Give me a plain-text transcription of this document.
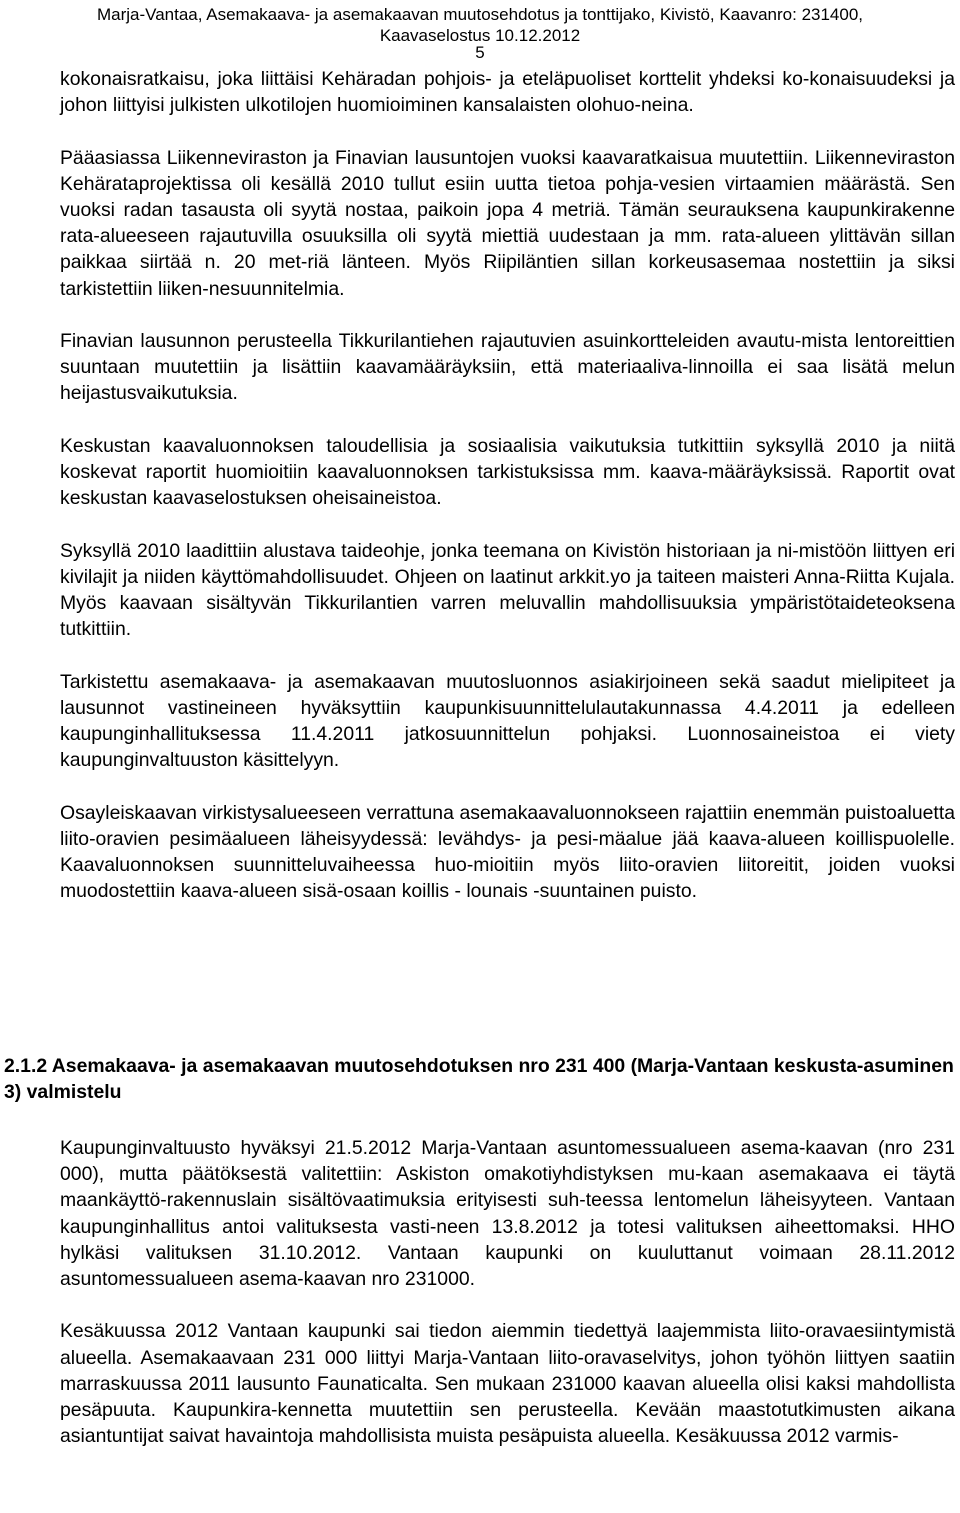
Marja-Vantaa, Asemakaava- ja asemakaavan muutosehdotus ja tonttijako, Kivistö, Kaavanro: 231400,
Kaavaselostus 10.12.2012
5

kokonaisratkaisu, joka liittäisi Kehäradan pohjois- ja eteläpuoliset korttelit yhdeksi ko-konaisuudeksi ja johon liittyisi julkisten ulkotilojen huomioiminen kansalaisten olohuo-neina.

Pääasiassa Liikenneviraston ja Finavian lausuntojen vuoksi kaavaratkaisua muutettiin. Liikenneviraston Kehärataprojektissa oli kesällä 2010 tullut esiin uutta tietoa pohja-vesien virtaamien määrästä. Sen vuoksi radan tasausta oli syytä nostaa, paikoin jopa 4 metriä. Tämän seurauksena kaupunkirakenne rata-alueeseen rajautuvilla osuuksilla oli syytä miettiä uudestaan ja mm. rata-alueen ylittävän sillan paikkaa siirtää n. 20 met-riä länteen. Myös Riipiläntien sillan korkeusasemaa nostettiin ja siksi tarkistettiin liiken-nesuunnitelmia.

Finavian lausunnon perusteella Tikkurilantiehen rajautuvien asuinkortteleiden avautu-mista lentoreittien suuntaan muutettiin ja lisättiin kaavamääräyksiin, että materiaaliva-linnoilla ei saa lisätä melun heijastusvaikutuksia.

Keskustan kaavaluonnoksen taloudellisia ja sosiaalisia vaikutuksia tutkittiin syksyllä 2010 ja niitä koskevat raportit huomioitiin kaavaluonnoksen tarkistuksissa mm. kaava-määräyksissä. Raportit ovat keskustan kaavaselostuksen oheisaineistoa.

Syksyllä 2010 laadittiin alustava taideohje, jonka teemana on Kivistön historiaan ja ni-mistöön liittyen eri kivilajit ja niiden käyttömahdollisuudet. Ohjeen on laatinut arkkit.yo ja taiteen maisteri Anna-Riitta Kujala. Myös kaavaan sisältyvän Tikkurilantien varren meluvallin mahdollisuuksia ympäristötaideteoksena tutkittiin.

Tarkistettu asemakaava- ja asemakaavan muutosluonnos asiakirjoineen sekä saadut mielipiteet ja lausunnot vastineineen hyväksyttiin kaupunkisuunnittelulautakunnassa 4.4.2011 ja edelleen kaupunginhallituksessa 11.4.2011 jatkosuunnittelun pohjaksi. Luonnosaineistoa ei viety kaupunginvaltuuston käsittelyyn.

Osayleiskaavan virkistysalueeseen verrattuna asemakaavaluonnokseen rajattiin enemmän puistoaluetta liito-oravien pesimäalueen läheisyydessä: levähdys- ja pesi-mäalue jää kaava-alueen koillispuolelle. Kaavaluonnoksen suunnitteluvaiheessa huo-mioitiin myös liito-oravien liitoreitit, joiden vuoksi muodostettiin kaava-alueen sisä-osaan koillis - lounais -suuntainen puisto.

2.1.2 Asemakaava- ja asemakaavan muutosehdotuksen nro 231 400 (Marja-Vantaan keskusta-asuminen 3) valmistelu

Kaupunginvaltuusto hyväksyi 21.5.2012 Marja-Vantaan asuntomessualueen asema-kaavan (nro 231 000), mutta päätöksestä valitettiin: Askiston omakotiyhdistyksen mu-kaan asemakaava ei täytä maankäyttö-rakennuslain sisältövaatimuksia erityisesti suh-teessa lentomelun läheisyyteen. Vantaan kaupunginhallitus antoi valituksesta vasti-neen 13.8.2012 ja totesi valituksen aiheettomaksi. HHO hylkäsi valituksen 31.10.2012. Vantaan kaupunki on kuuluttanut voimaan 28.11.2012 asuntomessualueen asema-kaavan nro 231000.

Kesäkuussa 2012 Vantaan kaupunki sai tiedon aiemmin tiedettyä laajemmista liito-oravaesiintymistä alueella. Asemakaavaan 231 000 liittyi Marja-Vantaan liito-oravaselvitys, johon työhön liittyen saatiin marraskuussa 2011 lausunto Faunaticalta. Sen mukaan 231000 kaavan alueella olisi kaksi mahdollista pesäpuuta. Kaupunkira-kennetta muutettiin sen perusteella. Kevään maastotutkimusten aikana asiantuntijat saivat havaintoja mahdollisista muista pesäpuista alueella. Kesäkuussa 2012 varmis-
